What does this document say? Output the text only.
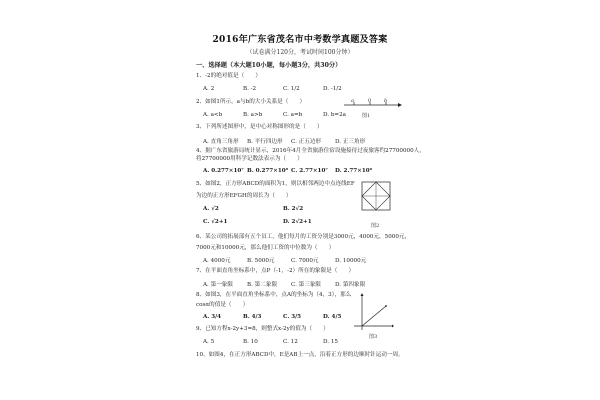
2016年广东省茂名市中考数学真题及答案
（试卷满分120分，考试时间100分钟）
一、选择题（本大题10小题，每小题3分，共30分）
1、-2的绝对值是（　　）
A. 2	B. -2	C. 1/2	D. -1/2
2、如图1所示，a与b的大小关系是（　　）
A. a<b	B. a>b	C. a=b	D. b=2a
a	0	b
图1
3、下列所述图形中，是中心对称图形的是（　　）
A. 直角三角形 B. 平行四边形 C. 正五边形 D. 正三角形
4、据广东省旅游局统计显示，2016年4月全省旅游住宿设施接待过夜旅客约27700000人，
将27700000用科学记数法表示为（　　）
A. 0.277×10⁷ B. 0.277×10⁸ C. 2.77×10⁷ D. 2.77×10⁸
5、如图2，正方形ABCD的面积为1，则以相邻两边中点连线EF
为边的正方形EFGH的周长为（　　）
A. √2	B. 2√2
C. √2+1	D. 2√2+1
图2
6、某公司的拓展部有五个员工，他们每月的工资分别是3000元，4000元，5000元，
7000元和10000元，那么他们工资的中位数为（　　）
A. 4000元	B. 5000元	C. 7000元	D. 10000元
7、在平面直角坐标系中，点P（-1，-2）所在的象限是（　　）
A. 第一象限	B. 第二象限 C. 第三象限 D. 第四象限
8、如图3，在平面直角坐标系中，点A的坐标为（4，3），那么
cosα的值是（　　）
A. 3/4	B. 4/3	C. 3/5	D. 4/5
图3
9、已知方程x-2y+3=8，则整式x-2y的值为（　　）
A. 5	B. 10	C. 12	D. 15
10、如图4，在正方形ABCD中，E是AB上一点，沿着正方形的边顺时针运动一周。
